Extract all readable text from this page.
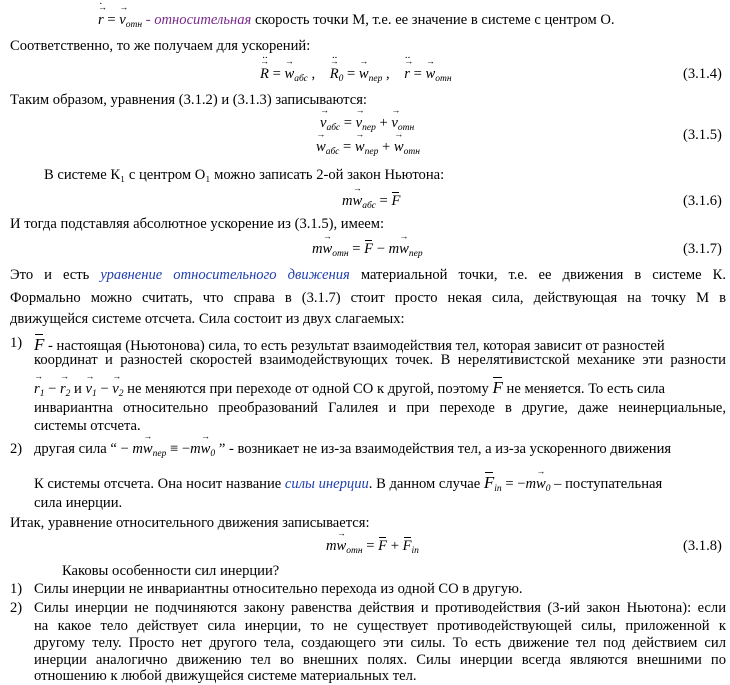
→ r · = → $v_{отн}$ - относительная скорость точки М, т.е. ее значение в системе с центром О.
Соответственно, то же получаем для ускорений:
→ R ·· = → $w_{абс}$ ,    → $R \cdot\cdot_0$ = → $w_{пер}$ ,    → r ·· = → $w_{отн}$	(3.1.4)
Таким образом, уравнения (3.1.2) и (3.1.3) записываются:
→ $v_{абс}$ = → $v_{пер}$ + → $v_{отн}$
→ $w_{абс}$ = → $w_{пер}$ + → $w_{отн}$
(3.1.5)
В системе К₁ с центром О₁ можно записать 2-ой закон Ньютона:
$m\to w_{абс} = F$	(3.1.6)
И тогда подставляя абсолютное ускорение из (3.1.5), имеем:
$m\to w_{отн} = F - m\to w_{пер}$	(3.1.7)
Это и есть уравнение относительного движения материальной точки, т.е. ее движения в системе К.
Формально можно считать, что справа в (3.1.7) стоит просто некая сила, действующая на точку М в
движущейся системе отсчета. Сила состоит из двух слагаемых:
1) F - настоящая (Ньютонова) сила, то есть результат взаимодействия тел, которая зависит от разностей
координат и разностей скоростей взаимодействующих точек. В нерелятивистской механике эти разности
→ $r_1$ − → $r_2$ $и \to v_1$ − → $v_2$ не меняются при переходе от одной СО к другой, поэтому F не меняется. То есть сила
инвариантна относительно преобразований Галилея и при переходе в другие, даже неинерциальные,
системы отсчета.
2) другая сила “ − $m\to w_{пер} \equiv -m\to w_0$ ” - возникает не из-за взаимодействия тел, а из-за ускоренного движения
К системы отсчета. Она носит название силы инерции. В данном случае $F_{in} = -m\to w_0$ – поступательная
сила инерции.
Итак, уравнение относительного движения записывается:
$m\to w_{отн} = F + F_{in}$	(3.1.8)
Каковы особенности сил инерции?
1) Силы инерции не инвариантны относительно перехода из одной СО в другую.
2) Силы инерции не подчиняются закону равенства действия и противодействия (3-ий закон Ньютона): если
на какое тело действует сила инерции, то не существует противодействующей силы, приложенной к
другому телу. Просто нет другого тела, создающего эти силы. То есть движение тел под действием сил
инерции аналогично движению тел во внешних полях. Силы инерции всегда являются внешними по
отношению к любой движущейся системе материальных тел.
